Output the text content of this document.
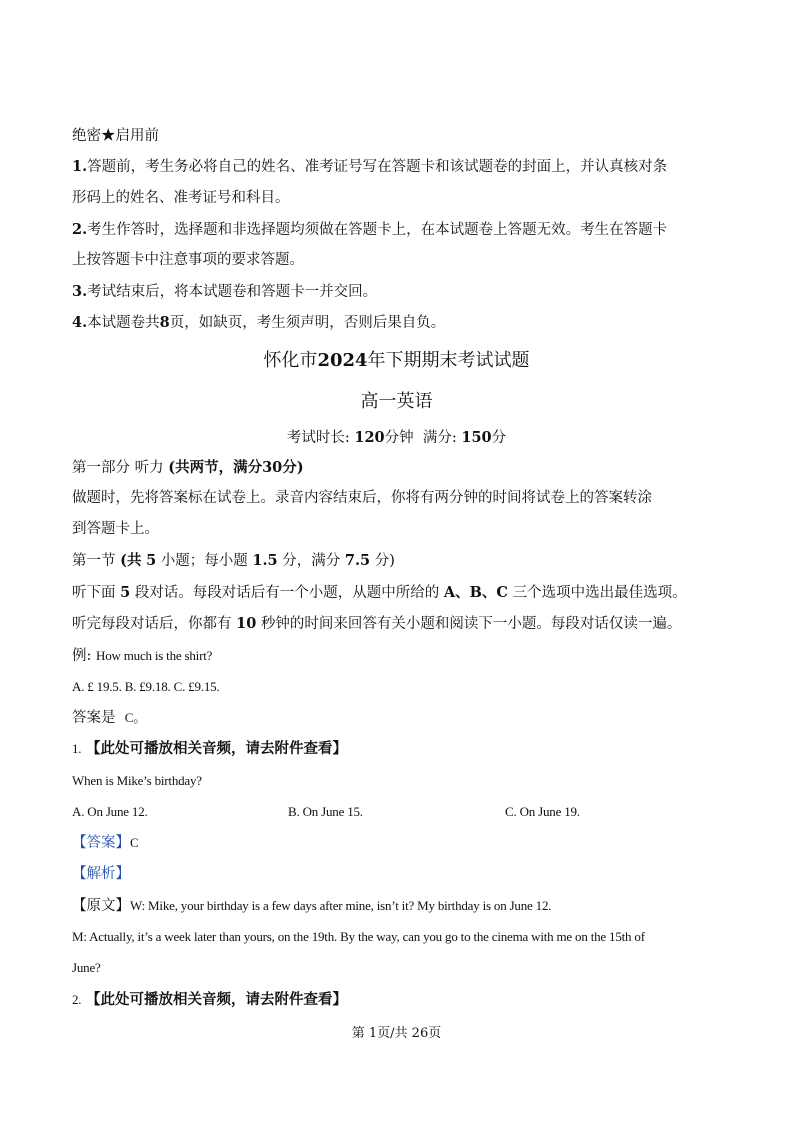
绝密★启用前
1.答题前，考生务必将自己的姓名、准考证号写在答题卡和该试题卷的封面上，并认真核对条
形码上的姓名、准考证号和科目。
2.考生作答时，选择题和非选择题均须做在答题卡上，在本试题卷上答题无效。考生在答题卡
上按答题卡中注意事项的要求答题。
3.考试结束后，将本试题卷和答题卡一并交回。
4.本试题卷共8页，如缺页，考生须声明，否则后果自负。
怀化市2024年下期期末考试试题
高一英语
考试时长: 120分钟 满分: 150分
第一部分 听力 (共两节，满分30分)
做题时，先将答案标在试卷上。录音内容结束后，你将有两分钟的时间将试卷上的答案转涂
到答题卡上。
第一节 (共 5 小题；每小题 1.5 分，满分 7.5 分)
听下面 5 段对话。每段对话后有一个小题，从题中所给的 A、B、C 三个选项中选出最佳选项。
听完每段对话后，你都有 10 秒钟的时间来回答有关小题和阅读下一小题。每段对话仅读一遍。
例: How much is the shirt?
A. £ 19.5. B. £9.18. C. £9.15.
答案是 C。
1. 【此处可播放相关音频，请去附件查看】
When is Mike’s birthday?
A. On June 12.	B. On June 15.	C. On June 19.
【答案】C
【解析】
【原文】W: Mike, your birthday is a few days after mine, isn’t it? My birthday is on June 12.
M: Actually, it’s a week later than yours, on the 19th. By the way, can you go to the cinema with me on the 15th of
June?
2. 【此处可播放相关音频，请去附件查看】
第 1页/共 26页
